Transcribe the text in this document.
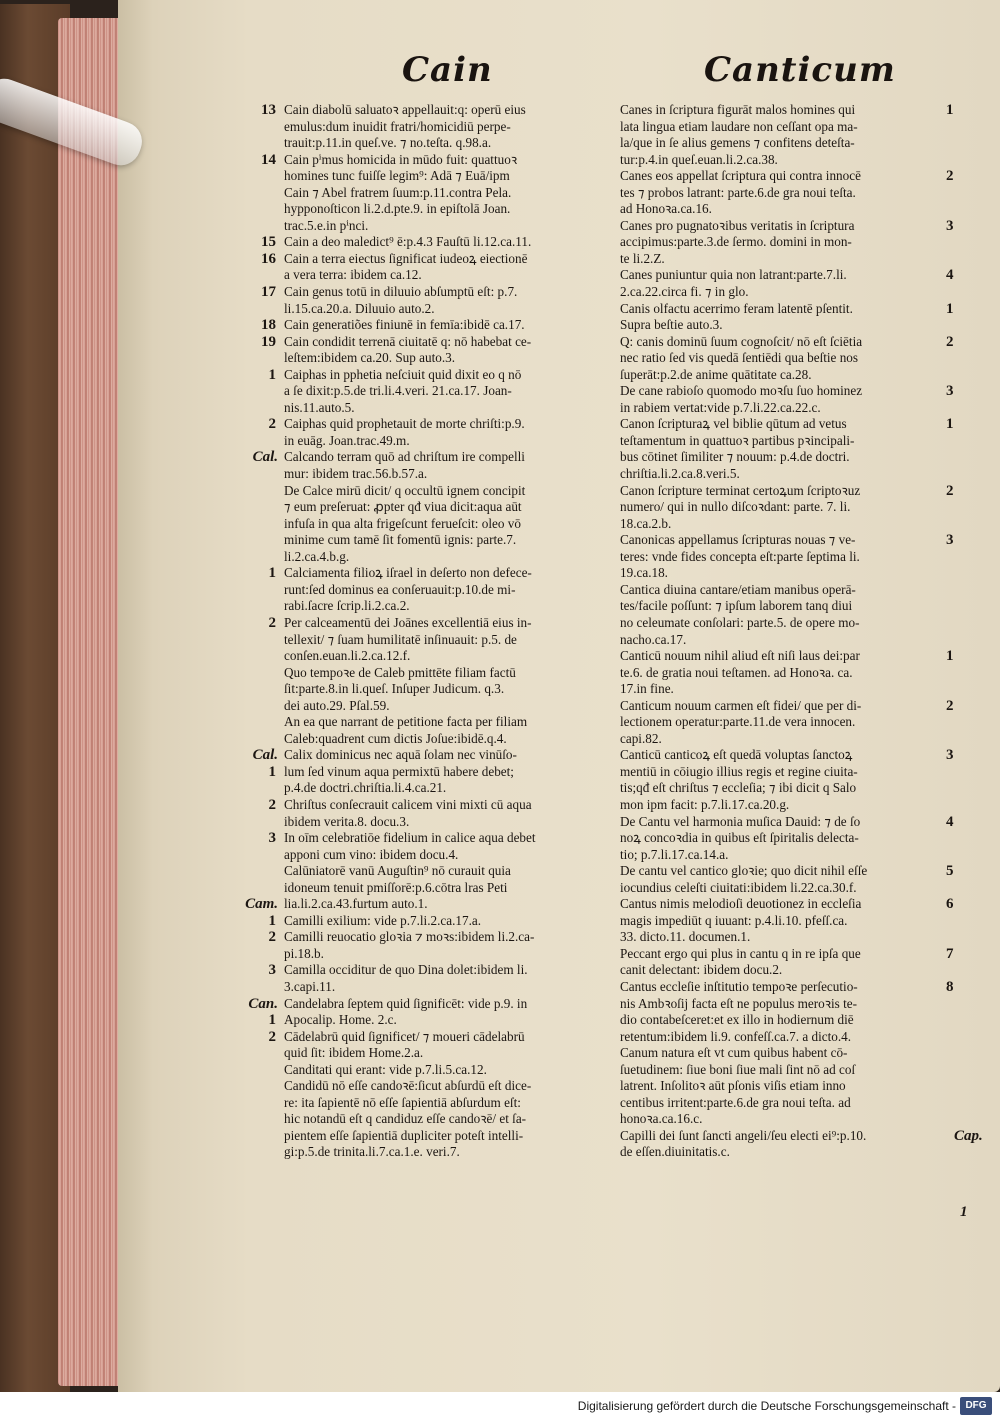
Cain	Canticum
13 Cain diabolū saluatoꝛ appellauit:q: operū eius
emulus:dum inuidit fratri/homicidiū perpe-
trauit:p.11.in queſ.ve. ⁊ no.teſta. q.98.a.
14 Cain pⁱmus homicida in mūdo fuit: quattuoꝛ
homines tunc fuiſſe legim⁹: Adā ⁊ Euā/ipm
Cain ⁊ Abel fratrem ſuum:p.11.contra Pela.
hypponoſticon li.2.d.pte.9. in epiſtolā Joan.
trac.5.e.in pⁱnci.
15 Cain a deo maledict⁹ ē:p.4.3 Fauſtū li.12.ca.11.
16 Cain a terra eiectus ſignificat iudeoꝝ eiectionē
a vera terra: ibidem ca.12.
17 Cain genus totū in diluuio abſumptū eſt: p.7.
li.15.ca.20.a. Diluuio auto.2.
18 Cain generatiões finiunē in femīa:ibidē ca.17.
19 Cain condidit terrenā ciuitatē q: nō habebat ce-
leſtem:ibidem ca.20. Sup auto.3.
1 Caiphas in pphetia neſciuit quid dixit eo q nō
a ſe dixit:p.5.de tri.li.4.veri. 21.ca.17. Joan-
nis.11.auto.5.
2 Caiphas quid prophetauit de morte chriſti:p.9.
in euāg. Joan.trac.49.m.
Cal. Calcando terram quō ad chriſtum ire compelli
mur: ibidem trac.56.b.57.a.
De Calce mirū dicit/ q occultū ignem concipit
⁊ eum preſeruat: ꝓpter qđ viua dicit:aqua aūt
infuſa in qua alta frigeſcunt ferueſcit: oleo vō
minime cum tamē ſit fomentū ignis: parte.7.
li.2.ca.4.b.g.
1 Calciamenta filioꝝ iſrael in deſerto non defece-
runt:ſed dominus ea conſeruauit:p.10.de mi-
rabi.ſacre ſcrip.li.2.ca.2.
2 Per calceamentū dei Joānes excellentiā eius in-
tellexit/ ⁊ ſuam humilitatē inſinuauit: p.5. de
conſen.euan.li.2.ca.12.f.
Quo tempoꝛe de Caleb pmittēte filiam factū
ſit:parte.8.in li.queſ. Inſuper Judicum. q.3.
dei auto.29. Pſal.59.
An ea que narrant de petitione facta per filiam
Caleb:quadrent cum dictis Joſue:ibidē.q.4.
Cal. Calix dominicus nec aquā ſolam nec vinūſo-
1 lum ſed vinum aqua permixtū habere debet;
p.4.de doctri.chriſtia.li.4.ca.21.
2 Chriſtus conſecrauit calicem vini mixti cū aqua
ibidem verita.8. docu.3.
3 In oīm celebratiōe fidelium in calice aqua debet
apponi cum vino: ibidem docu.4.
Calūniatorē vanū Auguſtin⁹ nō curauit quia
idoneum tenuit pmiſſorē:p.6.cōtra lras Peti
Cam. lia.li.2.ca.43.furtum auto.1.
1 Camilli exilium: vide p.7.li.2.ca.17.a.
2 Camilli reuocatio gloꝛia ⁊ moꝛs:ibidem li.2.ca-
pi.18.b.
3 Camilla occiditur de quo Dina dolet:ibidem li.
3.capi.11.
Can. Candelabra ſeptem quid ſignificēt: vide p.9. in
1 Apocalip. Home. 2.c.
2 Cādelabrū quid ſignificet/ ⁊ moueri cādelabrū
quid ſit: ibidem Home.2.a.
Canditati qui erant: vide p.7.li.5.ca.12.
Candidū nō eſſe candoꝛē:ſicut abſurdū eſt dice-
re: ita ſapientē nō eſſe ſapientiā abſurdum eſt:
hic notandū eſt q candiduz eſſe candoꝛē/ et ſa-
pientem eſſe ſapientiā dupliciter poteſt intelli-
gi:p.5.de trinita.li.7.ca.1.e. veri.7.
1
Canes in ſcriptura figurāt malos homines qui
lata lingua etiam laudare non ceſſant opa ma-
la/que in ſe alius gemens ⁊ confitens deteſta-
tur:p.4.in queſ.euan.li.2.ca.38.
2
Canes eos appellat ſcriptura qui contra innocē
tes ⁊ probos latrant: parte.6.de gra noui teſta.
ad Honoꝛa.ca.16.
3
Canes pro pugnatoꝛibus veritatis in ſcriptura
accipimus:parte.3.de ſermo. domini in mon-
te li.2.Z.
4
Canes puniuntur quia non latrant:parte.7.li.
2.ca.22.circa fi. ⁊ in glo.
1
Canis olfactu acerrimo feram latentē pſentit.
Supra beſtie auto.3.
2
Q: canis dominū ſuum cognoſcit/ nō eſt ſciētia
nec ratio ſed vis quedā ſentiēdi qua beſtie nos
ſuperāt:p.2.de anime quātitate ca.28.
3
De cane rabioſo quomodo moꝛſu ſuo hominez
in rabiem vertat:vide p.7.li.22.ca.22.c.
1
Canon ſcripturaꝝ vel biblie qūtum ad vetus
teſtamentum in quattuoꝛ partibus pꝛincipali-
bus cōtinet ſimiliter ⁊ nouum: p.4.de doctri.
chriſtia.li.2.ca.8.veri.5.
2
Canon ſcripture terminat certoꝝum ſcriptoꝛuz
numero/ qui in nullo diſcoꝛdant: parte. 7. li.
18.ca.2.b.
3
Canonicas appellamus ſcripturas nouas ⁊ ve-
teres: vnde fides concepta eſt:parte ſeptima li.
19.ca.18.
Cantica diuina cantare/etiam manibus operā-
tes/facile poſſunt: ⁊ ipſum laborem tanq diui
no celeumate conſolari: parte.5. de opere mo-
nacho.ca.17.
1
Canticū nouum nihil aliud eſt niſi laus dei:par
te.6. de gratia noui teſtamen. ad Honoꝛa. ca.
17.in fine.
2
Canticum nouum carmen eſt fidei/ que per di-
lectionem operatur:parte.11.de vera innocen.
capi.82.
3
Canticū canticoꝝ eſt quedā voluptas ſanctoꝝ
mentiū in cōiugio illius regis et regine ciuita-
tis;qđ eſt chriſtus ⁊ eccleſia; ⁊ ibi dicit q Salo
mon ipm facit: p.7.li.17.ca.20.g.
4
De Cantu vel harmonia muſica Dauid: ⁊ de ſo
noꝝ concoꝛdia in quibus eſt ſpiritalis delecta-
tio; p.7.li.17.ca.14.a.
5
De cantu vel cantico gloꝛie; quo dicit nihil eſſe
iocundius celeſti ciuitati:ibidem li.22.ca.30.f.
6
Cantus nimis melodioſi deuotionez in eccleſia
magis impediūt q iuuant: p.4.li.10. pfeſſ.ca.
33. dicto.11. documen.1.
7
Peccant ergo qui plus in cantu q in re ipſa que
canit delectant: ibidem docu.2.
8
Cantus eccleſie inſtitutio tempoꝛe perſecutio-
nis Ambꝛoſij facta eſt ne populus meroꝛis te-
dio contabeſceret:et ex illo in hodiernum diē
retentum:ibidem li.9. confeſſ.ca.7. a dicto.4.
Canum natura eſt vt cum quibus habent cō-
ſuetudinem: ſiue boni ſiue mali ſint nō ad coſ
latrent. Inſolitoꝛ aūt pſonis viſis etiam inno
centibus irritent:parte.6.de gra noui teſta. ad
honoꝛa.ca.16.c.
Cap.
Capilli dei ſunt ſancti angeli/ſeu electi ei⁹:p.10.
de eſſen.diuinitatis.c.
1
Digitalisierung gefördert durch die Deutsche Forschungsgemeinschaft - DFG
